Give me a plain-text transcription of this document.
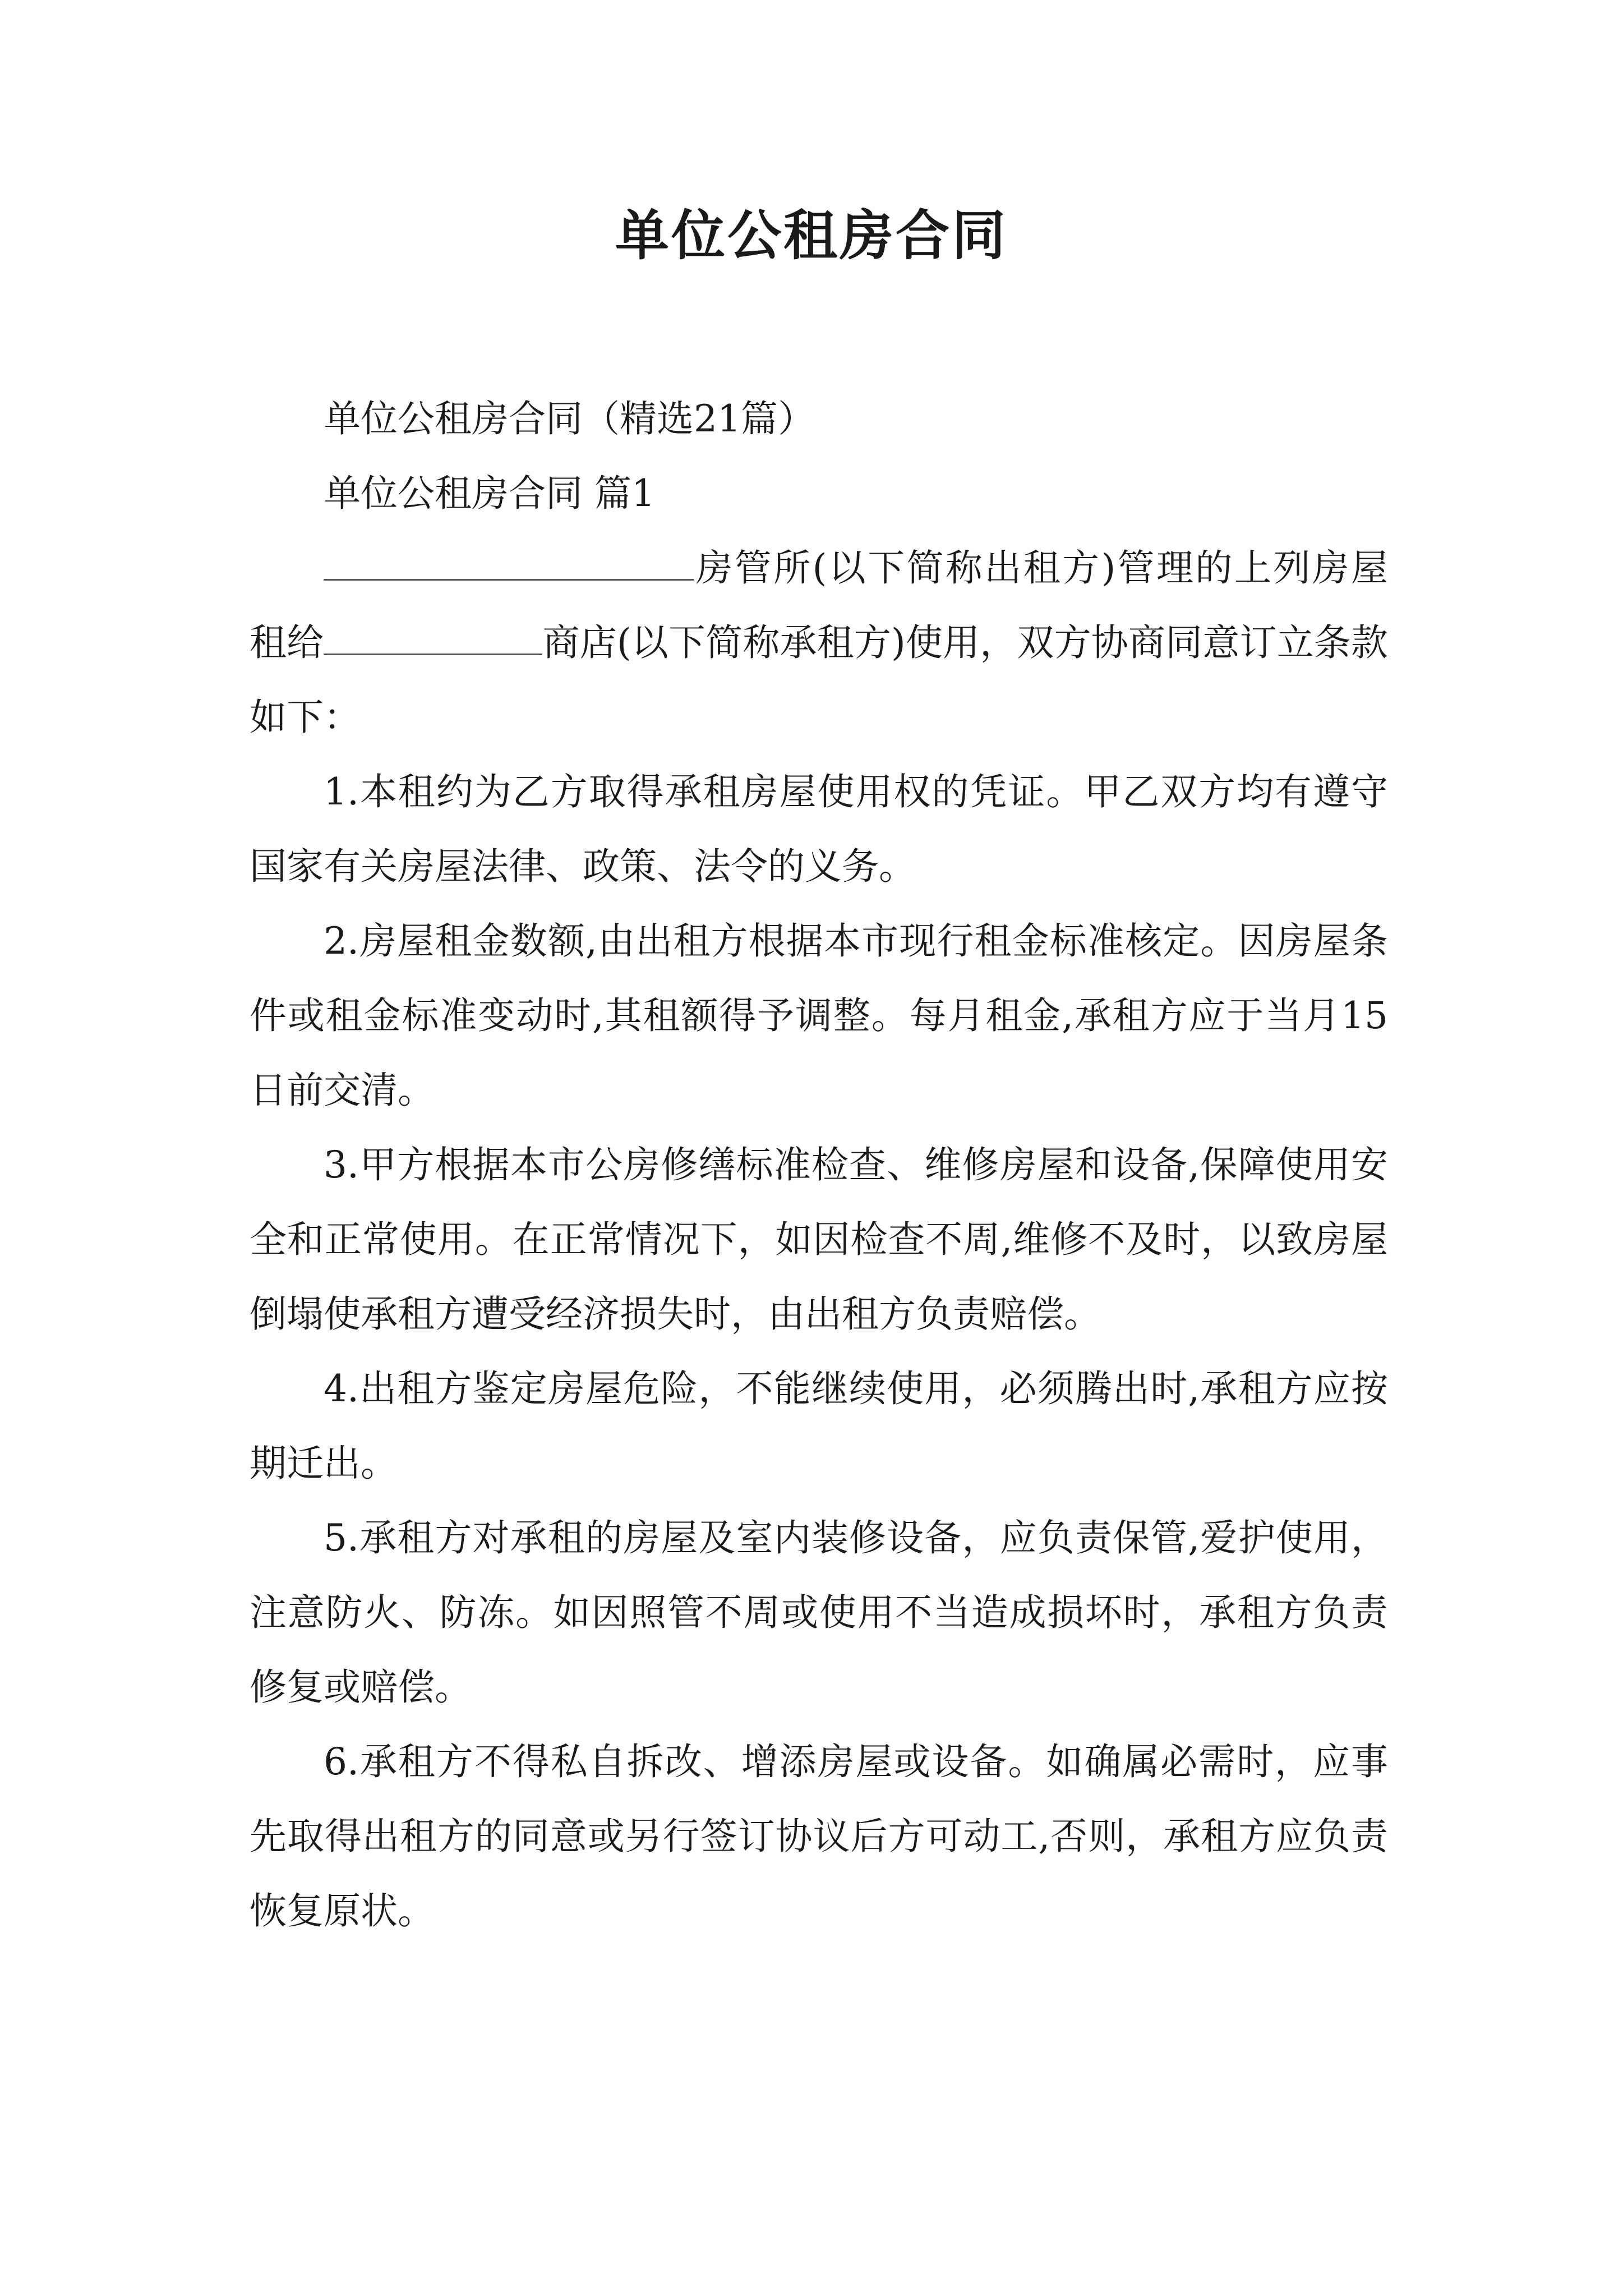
单位公租房合同

单位公租房合同（精选21篇）

单位公租房合同 篇1

房管所(以下简称出租方)管理的上列房屋租给	商店(以下简称承租方)使用，双方协商同意订立条款如下：

1.本租约为乙方取得承租房屋使用权的凭证。甲乙双方均有遵守国家有关房屋法律、政策、法令的义务。

2.房屋租金数额,由出租方根据本市现行租金标准核定。因房屋条件或租金标准变动时,其租额得予调整。每月租金,承租方应于当月15日前交清。

3.甲方根据本市公房修缮标准检查、维修房屋和设备,保障使用安全和正常使用。在正常情况下，如因检查不周,维修不及时，以致房屋倒塌使承租方遭受经济损失时，由出租方负责赔偿。

4.出租方鉴定房屋危险，不能继续使用，必须腾出时,承租方应按期迁出。

5.承租方对承租的房屋及室内装修设备，应负责保管,爱护使用，注意防火、防冻。如因照管不周或使用不当造成损坏时，承租方负责修复或赔偿。

6.承租方不得私自拆改、增添房屋或设备。如确属必需时，应事先取得出租方的同意或另行签订协议后方可动工,否则，承租方应负责恢复原状。
